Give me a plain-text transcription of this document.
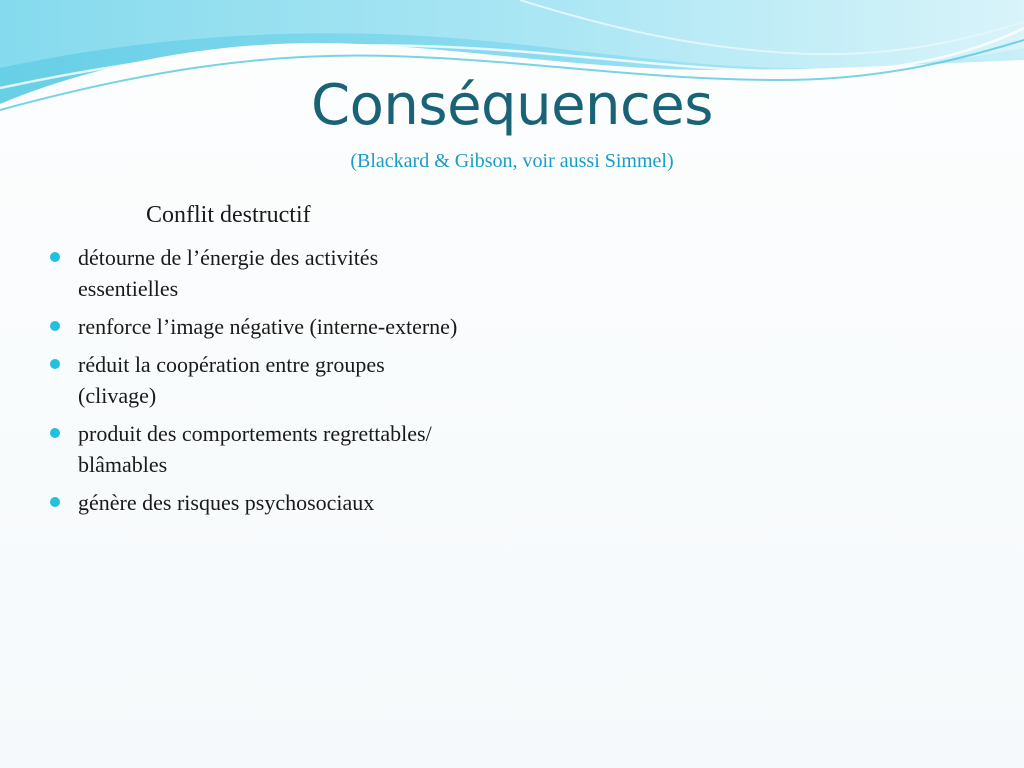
Conséquences
(Blackard & Gibson, voir aussi Simmel)
Conflit destructif
détourne de l’énergie des activités essentielles
renforce l’image négative (interne-externe)
réduit la coopération entre groupes (clivage)
produit des comportements regrettables/ blâmables
génère des risques psychosociaux
